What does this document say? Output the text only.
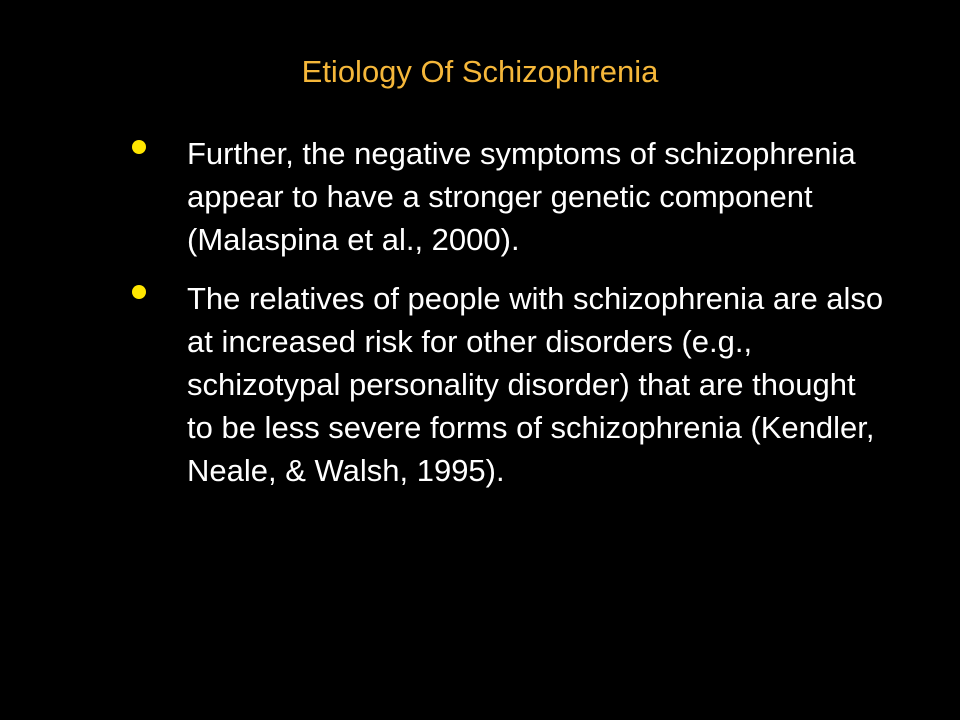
Etiology Of Schizophrenia
Further, the negative symptoms of schizophrenia appear to have a stronger genetic component (Malaspina et al., 2000).
The relatives of people with schizophrenia are also at increased risk for other disorders (e.g., schizotypal personality disorder) that are thought to be less severe forms of schizophrenia (Kendler, Neale, & Walsh, 1995).
